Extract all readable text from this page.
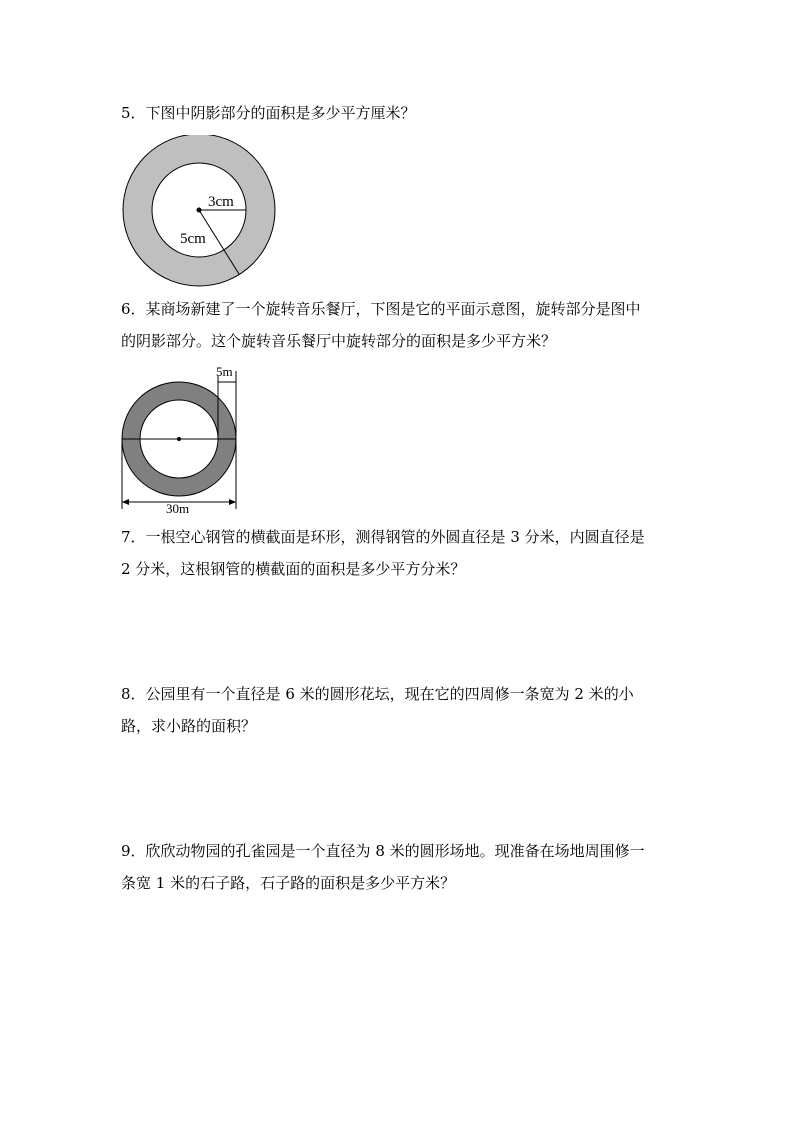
5．下图中阴影部分的面积是多少平方厘米？

3cm
5cm

6．某商场新建了一个旋转音乐餐厅，下图是它的平面示意图，旋转部分是图中
的阴影部分。这个旋转音乐餐厅中旋转部分的面积是多少平方米？

5m
30m

7．一根空心钢管的横截面是环形，测得钢管的外圆直径是 3 分米，内圆直径是
2 分米，这根钢管的横截面的面积是多少平方分米？

8．公园里有一个直径是 6 米的圆形花坛，现在它的四周修一条宽为 2 米的小
路，求小路的面积？

9．欣欣动物园的孔雀园是一个直径为 8 米的圆形场地。现准备在场地周围修一
条宽 1 米的石子路，石子路的面积是多少平方米？
